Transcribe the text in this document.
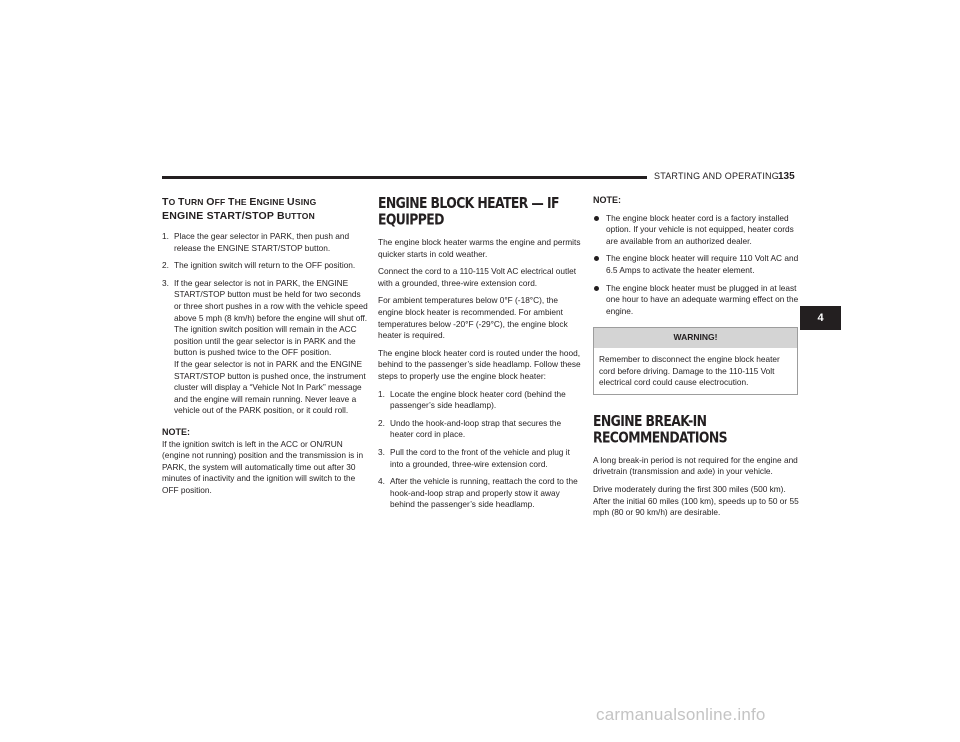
STARTING AND OPERATING 135
TO TURN OFF THE ENGINE USING
ENGINE START/STOP BUTTON
1. Place the gear selector in PARK, then push and release the ENGINE START/STOP button.
2. The ignition switch will return to the OFF position.
3. If the gear selector is not in PARK, the ENGINE START/STOP button must be held for two seconds or three short pushes in a row with the vehicle speed above 5 mph (8 km/h) before the engine will shut off. The ignition switch position will remain in the ACC position until the gear selector is in PARK and the button is pushed twice to the OFF position.
If the gear selector is not in PARK and the ENGINE START/STOP button is pushed once, the instrument cluster will display a “Vehicle Not In Park” message and the engine will remain running. Never leave a vehicle out of the PARK position, or it could roll.
NOTE:

If the ignition switch is left in the ACC or ON/RUN (engine not running) position and the transmission is in PARK, the system will automatically time out after 30 minutes of inactivity and the ignition will switch to the OFF position.

ENGINE BLOCK HEATER — IF EQUIPPED

The engine block heater warms the engine and permits quicker starts in cold weather.

Connect the cord to a 110-115 Volt AC electrical outlet with a grounded, three-wire extension cord.

For ambient temperatures below 0°F (-18°C), the engine block heater is recommended. For ambient temperatures below -20°F (-29°C), the engine block heater is required.

The engine block heater cord is routed under the hood, behind to the passenger’s side headlamp. Follow these steps to properly use the engine block heater:

1. Locate the engine block heater cord (behind the passenger’s side headlamp).
2. Undo the hook-and-loop strap that secures the heater cord in place.
3. Pull the cord to the front of the vehicle and plug it into a grounded, three-wire extension cord.
4. After the vehicle is running, reattach the cord to the hook-and-loop strap and properly stow it away behind the passenger’s side headlamp.
NOTE:
The engine block heater cord is a factory installed option. If your vehicle is not equipped, heater cords are available from an authorized dealer.
The engine block heater will require 110 Volt AC and 6.5 Amps to activate the heater element.
The engine block heater must be plugged in at least one hour to have an adequate warming effect on the engine.
WARNING!
Remember to disconnect the engine block heater cord before driving. Damage to the 110-115 Volt electrical cord could cause electrocution.
ENGINE BREAK-IN RECOMMENDATIONS

A long break-in period is not required for the engine and drivetrain (transmission and axle) in your vehicle.

Drive moderately during the first 300 miles (500 km). After the initial 60 miles (100 km), speeds up to 50 or 55 mph (80 or 90 km/h) are desirable.

4
carmanualsonline.info
